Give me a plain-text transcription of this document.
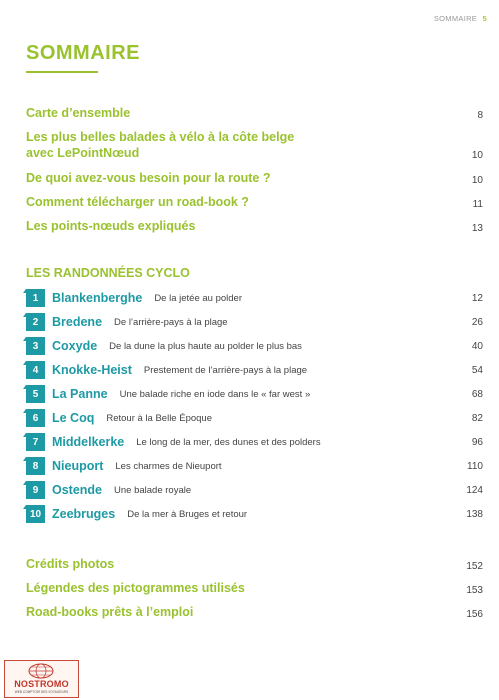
SOMMAIRE 5
SOMMAIRE
Carte d’ensemble	8
Les plus belles balades à vélo à la côte belge
avec LePointNœud	10
De quoi avez-vous besoin pour la route ?	10
Comment télécharger un road-book ?	11
Les points-nœuds expliqués	13
LES RANDONNÉES CYCLO
1	Blankenberghe De la jetée au polder	12
2	Bredene De l’arrière-pays à la plage	26
3	Coxyde De la dune la plus haute au polder le plus bas	40
4	Knokke-Heist Prestement de l’arrière-pays à la plage	54
5	La Panne Une balade riche en iode dans le « far west »	68
6	Le Coq Retour à la Belle Époque	82
7	Middelkerke Le long de la mer, des dunes et des polders	96
8	Nieuport Les charmes de Nieuport	110
9	Ostende Une balade royale	124
10 Zeebruges De la mer à Bruges et retour	138
Crédits photos	152
Légendes des pictogrammes utilisés	153
Road-books prêts à l’emploi	156
NOSTROMO
WEB COMPTOIR DES VOYAGEURS
